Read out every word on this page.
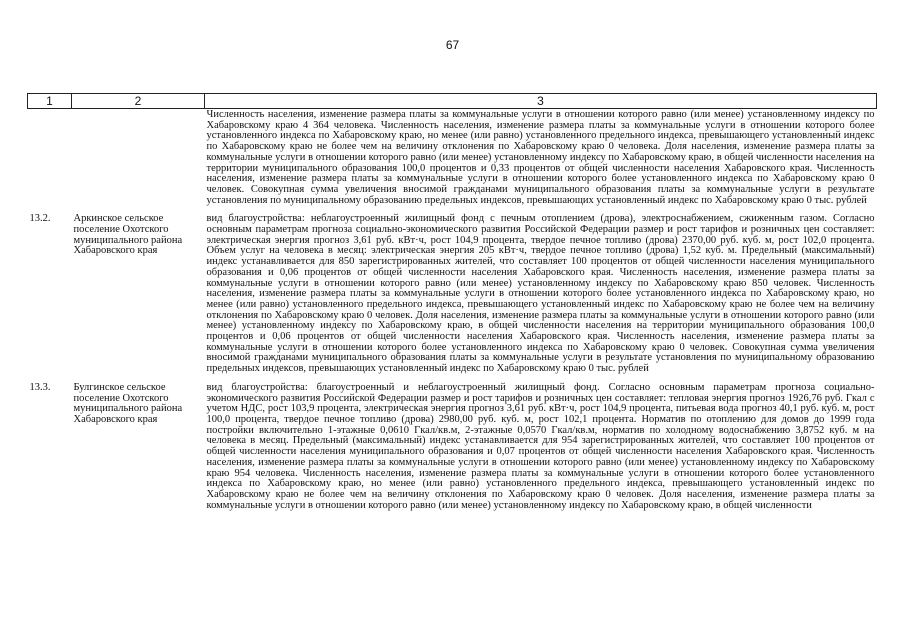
67
1	2	3
		Численность населения, изменение размера платы за коммунальные услуги в отношении которого равно (или менее) установленному индексу по Хабаровскому краю 4 364 человека. Численность населения, изменение размера платы за коммунальные услуги в отношении которого более установленного индекса по Хабаровскому краю, но менее (или равно) установленного предельного индекса, превышающего установленный индекс по Хабаровскому краю не более чем на величину отклонения по Хабаровскому краю 0 человека. Доля населения, изменение размера платы за коммунальные услуги в отношении которого равно (или менее) установленному индексу по Хабаровскому краю, в общей численности населения на территории муниципального образования 100,0 процентов и 0,33 процентов от общей численности населения Хабаровского края. Численность населения, изменение размера платы за коммунальные услуги в отношении которого более установленного индекса по Хабаровскому краю 0 человек. Совокупная сумма увеличения вносимой гражданами муниципального образования платы за коммунальные услуги в результате установления по муниципальному образованию предельных индексов, превышающих установленный индекс по Хабаровскому краю 0 тыс. рублей
13.2.	Аркинское сельское поселение Охотского муниципального района Хабаровского края	вид благоустройства: неблагоустроенный жилищный фонд с печным отоплением (дрова), электроснабжением, сжиженным газом. Согласно основным параметрам прогноза социально-экономического развития Российской Федерации размер и рост тарифов и розничных цен составляет: электрическая энергия прогноз 3,61 руб. кВт·ч, рост 104,9 процента, твердое печное топливо (дрова) 2370,00 руб. куб. м, рост 102,0 процента. Объем услуг на человека в месяц: электрическая энергия 205 кВт·ч, твердое печное топливо (дрова) 1,52 куб. м. Предельный (максимальный) индекс устанавливается для 850 зарегистрированных жителей, что составляет 100 процентов от общей численности населения муниципального образования и 0,06 процентов от общей численности населения Хабаровского края. Численность населения, изменение размера платы за коммунальные услуги в отношении которого равно (или менее) установленному индексу по Хабаровскому краю 850 человек. Численность населения, изменение размера платы за коммунальные услуги в отношении которого более установленного индекса по Хабаровскому краю, но менее (или равно) установленного предельного индекса, превышающего установленный индекс по Хабаровскому краю не более чем на величину отклонения по Хабаровскому краю 0 человек. Доля населения, изменение размера платы за коммунальные услуги в отношении которого равно (или менее) установленному индексу по Хабаровскому краю, в общей численности населения на территории муниципального образования 100,0 процентов и 0,06 процентов от общей численности населения Хабаровского края. Численность населения, изменение размера платы за коммунальные услуги в отношении которого более установленного индекса по Хабаровскому краю 0 человек. Совокупная сумма увеличения вносимой гражданами муниципального образования платы за коммунальные услуги в результате установления по муниципальному образованию предельных индексов, превышающих установленный индекс по Хабаровскому краю 0 тыс. рублей
13.3.	Булгинское сельское поселение Охотского муниципального района Хабаровского края	вид благоустройства: благоустроенный и неблагоустроенный жилищный фонд. Согласно основным параметрам прогноза социально-экономического развития Российской Федерации размер и рост тарифов и розничных цен составляет: тепловая энергия прогноз 1926,76 руб. Гкал с учетом НДС, рост 103,9 процента, электрическая энергия прогноз 3,61 руб. кВт·ч, рост 104,9 процента, питьевая вода прогноз 40,1 руб. куб. м, рост 100,0 процента, твердое печное топливо (дрова) 2980,00 руб. куб. м, рост 102,1 процента. Норматив по отоплению для домов до 1999 года постройки включительно 1-этажные 0,0610 Гкал/кв.м, 2-этажные 0,0570 Гкал/кв.м, норматив по холодному водоснабжению 3,8752 куб. м на человека в месяц. Предельный (максимальный) индекс устанавливается для 954 зарегистрированных жителей, что составляет 100 процентов от общей численности населения муниципального образования и 0,07 процентов от общей численности населения Хабаровского края. Численность населения, изменение размера платы за коммунальные услуги в отношении которого равно (или менее) установленному индексу по Хабаровскому краю 954 человека. Численность населения, изменение размера платы за коммунальные услуги в отношении которого более установленного индекса по Хабаровскому краю, но менее (или равно) установленного предельного индекса, превышающего установленный индекс по Хабаровскому краю не более чем на величину отклонения по Хабаровскому краю 0 человек. Доля населения, изменение размера платы за коммунальные услуги в отношении которого равно (или менее) установленному индексу по Хабаровскому краю, в общей численности
